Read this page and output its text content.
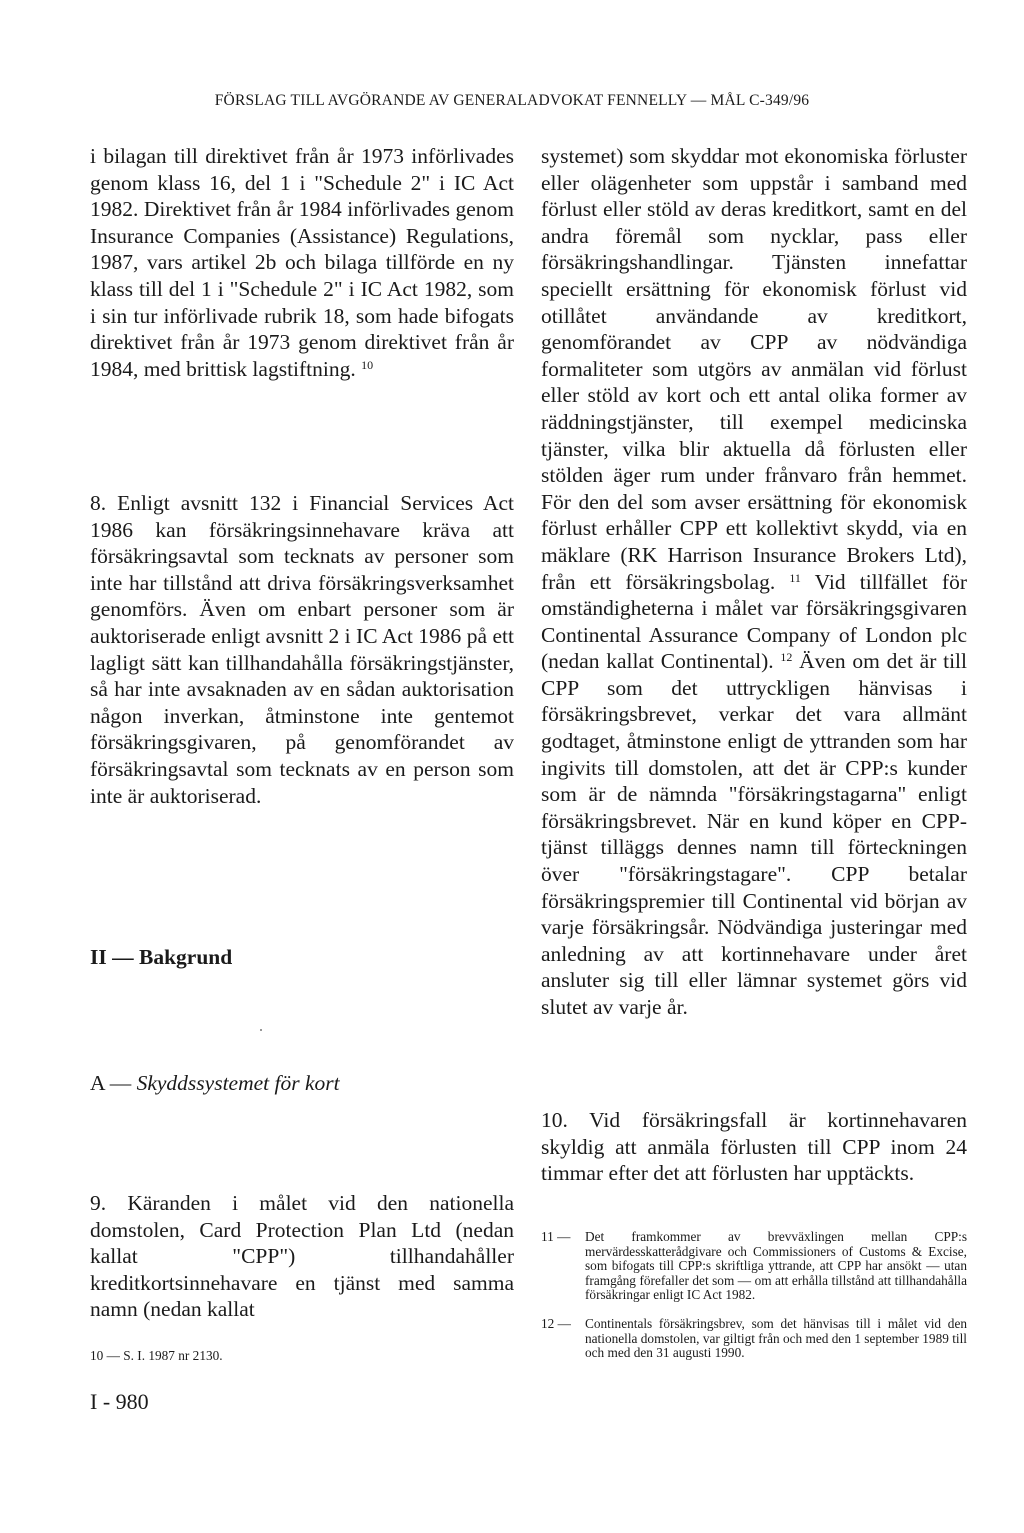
FÖRSLAG TILL AVGÖRANDE AV GENERALADVOKAT FENNELLY — MÅL C-349/96
i bilagan till direktivet från år 1973 införlivades genom klass 16, del 1 i "Schedule 2" i IC Act 1982. Direktivet från år 1984 införlivades genom Insurance Companies (Assistance) Regulations, 1987, vars artikel 2b och bilaga tillförde en ny klass till del 1 i "Schedule 2" i IC Act 1982, som i sin tur införlivade rubrik 18, som hade bifogats direktivet från år 1973 genom direktivet från år 1984, med brittisk lagstiftning. $^{10}$
8. Enligt avsnitt 132 i Financial Services Act 1986 kan försäkringsinnehavare kräva att försäkringsavtal som tecknats av personer som inte har tillstånd att driva försäkringsverksamhet genomförs. Även om enbart personer som är auktoriserade enligt avsnitt 2 i IC Act 1986 på ett lagligt sätt kan tillhandahålla försäkringstjänster, så har inte avsaknaden av en sådan auktorisation någon inverkan, åtminstone inte gentemot försäkringsgivaren, på genomförandet av försäkringsavtal som tecknats av en person som inte är auktoriserad.
II — Bakgrund
A — Skyddssystemet för kort
9. Käranden i målet vid den nationella domstolen, Card Protection Plan Ltd (nedan kallat "CPP") tillhandahåller kreditkortsinnehavare en tjänst med samma namn (nedan kallat
10 — S. I. 1987 nr 2130.
I - 980
systemet) som skyddar mot ekonomiska förluster eller olägenheter som uppstår i samband med förlust eller stöld av deras kreditkort, samt en del andra föremål som nycklar, pass eller försäkringshandlingar. Tjänsten innefattar speciellt ersättning för ekonomisk förlust vid otillåtet användande av kreditkort, genomförandet av CPP av nödvändiga formaliteter som utgörs av anmälan vid förlust eller stöld av kort och ett antal olika former av räddningstjänster, till exempel medicinska tjänster, vilka blir aktuella då förlusten eller stölden äger rum under frånvaro från hemmet. För den del som avser ersättning för ekonomisk förlust erhåller CPP ett kollektivt skydd, via en mäklare (RK Harrison Insurance Brokers Ltd), från ett försäkringsbolag. $^{11}$ Vid tillfället för omständigheterna i målet var försäkringsgivaren Continental Assurance Company of London plc (nedan kallat Continental). $^{12}$ Även om det är till CPP som det uttryckligen hänvisas i försäkringsbrevet, verkar det vara allmänt godtaget, åtminstone enligt de yttranden som har ingivits till domstolen, att det är CPP:s kunder som är de nämnda "försäkringstagarna" enligt försäkringsbrevet. När en kund köper en CPP-tjänst tilläggs dennes namn till förteckningen över "försäkringstagare". CPP betalar försäkringspremier till Continental vid början av varje försäkringsår. Nödvändiga justeringar med anledning av att kortinnehavare under året ansluter sig till eller lämnar systemet görs vid slutet av varje år.
10. Vid försäkringsfall är kortinnehavaren skyldig att anmäla förlusten till CPP inom 24 timmar efter det att förlusten har upptäckts.
11 — Det framkommer av brevväxlingen mellan CPP:s mervärdesskatterådgivare och Commissioners of Customs & Excise, som bifogats till CPP:s skriftliga yttrande, att CPP har ansökt — utan framgång förefaller det som — om att erhålla tillstånd att tillhandahålla försäkringar enligt IC Act 1982.
12 — Continentals försäkringsbrev, som det hänvisas till i målet vid den nationella domstolen, var giltigt från och med den 1 september 1989 till och med den 31 augusti 1990.
